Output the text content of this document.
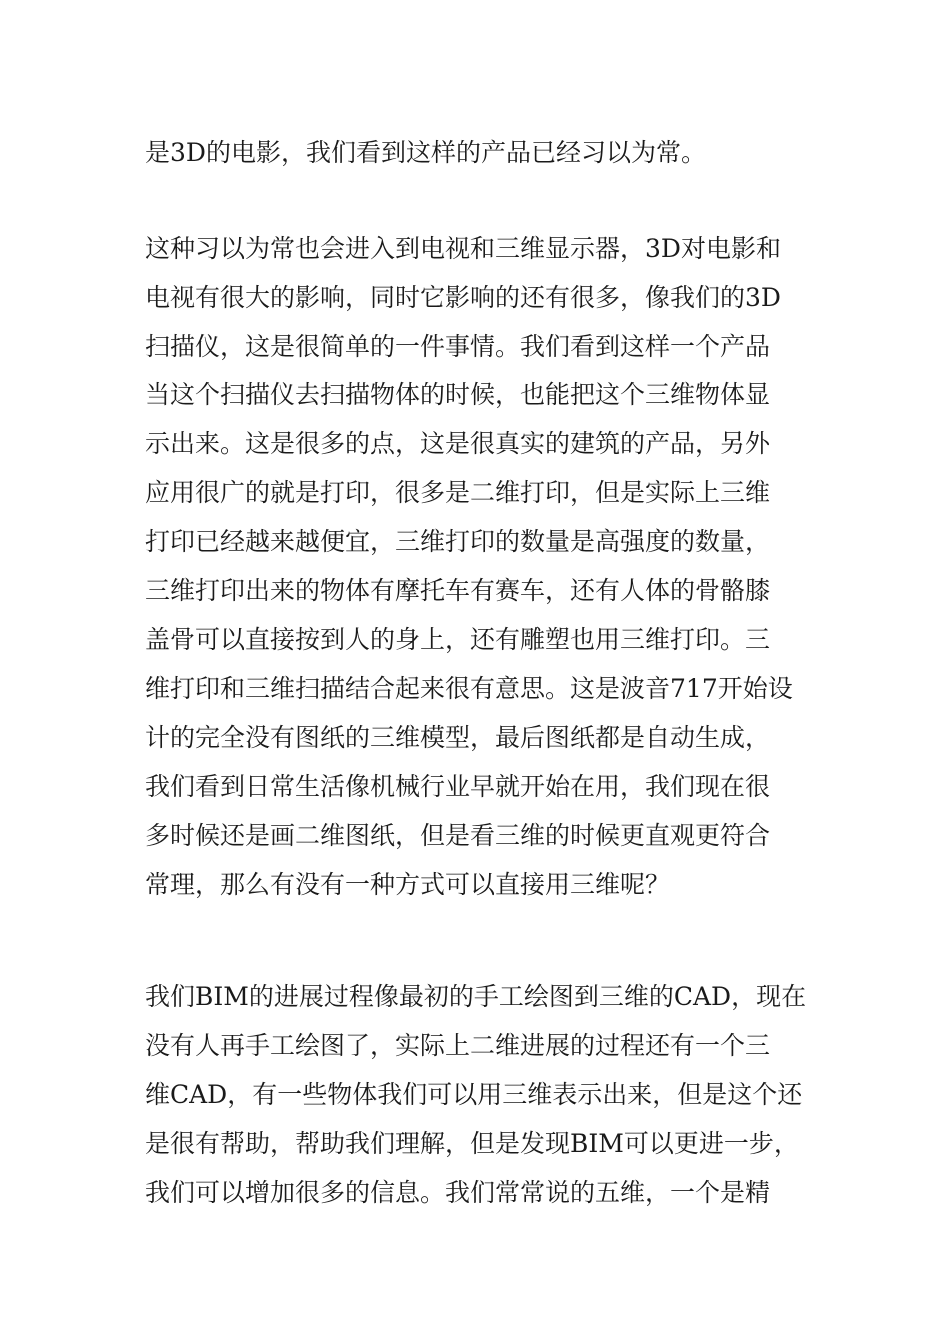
是3D的电影，我们看到这样的产品已经习以为常。

这种习以为常也会进入到电视和三维显示器，3D对电影和

电视有很大的影响，同时它影响的还有很多，像我们的3D

扫描仪，这是很简单的一件事情。我们看到这样一个产品

当这个扫描仪去扫描物体的时候，也能把这个三维物体显

示出来。这是很多的点，这是很真实的建筑的产品，另外

应用很广的就是打印，很多是二维打印，但是实际上三维

打印已经越来越便宜，三维打印的数量是高强度的数量，

三维打印出来的物体有摩托车有赛车，还有人体的骨骼膝

盖骨可以直接按到人的身上，还有雕塑也用三维打印。三

维打印和三维扫描结合起来很有意思。这是波音717开始设

计的完全没有图纸的三维模型，最后图纸都是自动生成，

我们看到日常生活像机械行业早就开始在用，我们现在很

多时候还是画二维图纸，但是看三维的时候更直观更符合

常理，那么有没有一种方式可以直接用三维呢？

我们BIM的进展过程像最初的手工绘图到三维的CAD，现在

没有人再手工绘图了，实际上二维进展的过程还有一个三

维CAD，有一些物体我们可以用三维表示出来，但是这个还

是很有帮助，帮助我们理解，但是发现BIM可以更进一步，

我们可以增加很多的信息。我们常常说的五维，一个是精
